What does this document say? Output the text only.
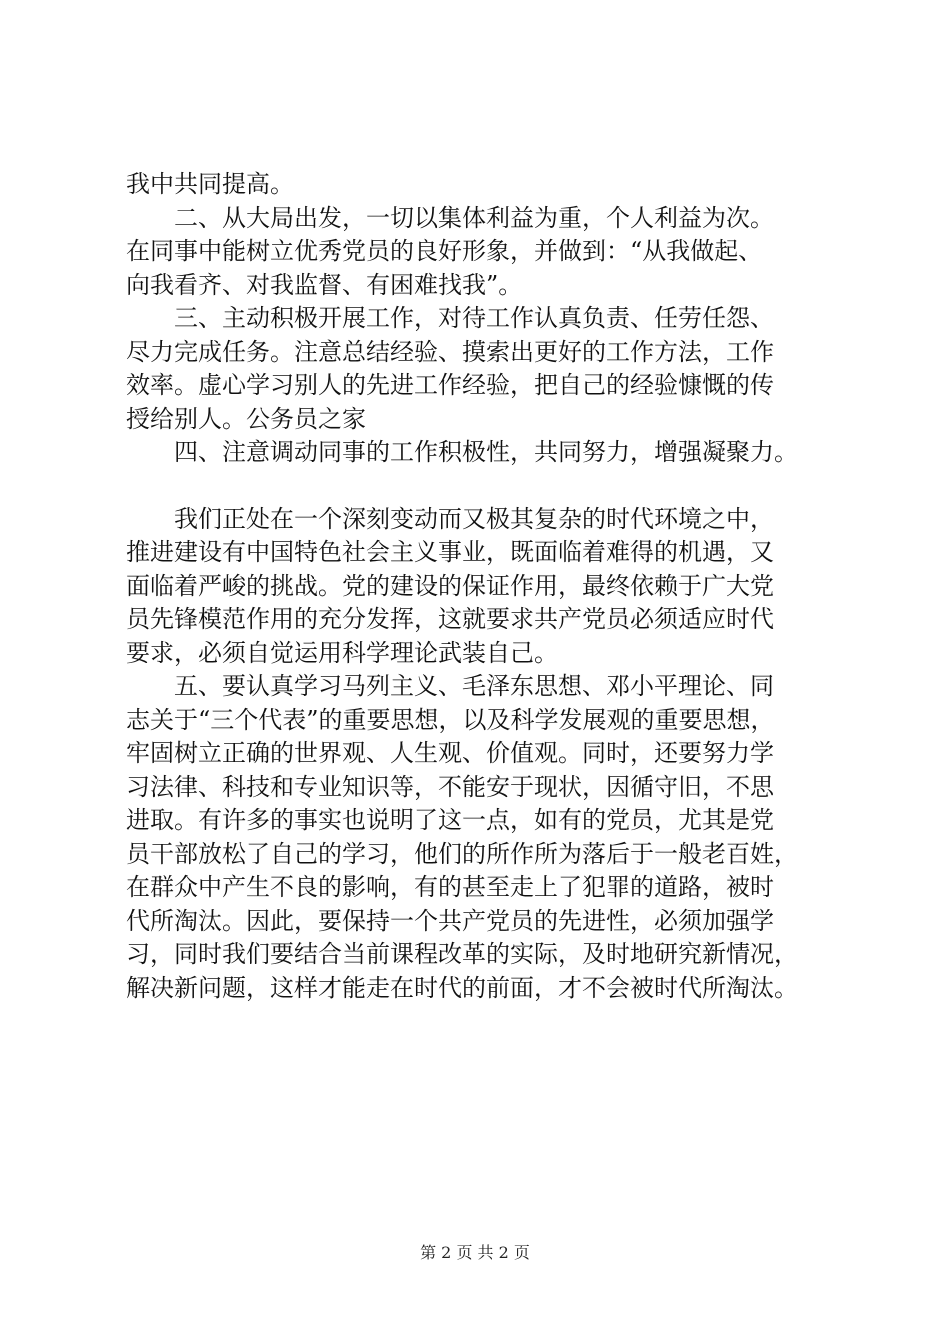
我中共同提高。
　　二、从大局出发，一切以集体利益为重，个人利益为次。
在同事中能树立优秀党员的良好形象，并做到：“从我做起、
向我看齐、对我监督、有困难找我”。
　　三、主动积极开展工作，对待工作认真负责、任劳任怨、
尽力完成任务。注意总结经验、摸索出更好的工作方法，工作
效率。虚心学习别人的先进工作经验，把自己的经验慷慨的传
授给别人。公务员之家
　　四、注意调动同事的工作积极性，共同努力，增强凝聚力。
　　我们正处在一个深刻变动而又极其复杂的时代环境之中，
推进建设有中国特色社会主义事业，既面临着难得的机遇，又
面临着严峻的挑战。党的建设的保证作用，最终依赖于广大党
员先锋模范作用的充分发挥，这就要求共产党员必须适应时代
要求，必须自觉运用科学理论武装自己。
　　五、要认真学习马列主义、毛泽东思想、邓小平理论、同
志关于“三个代表”的重要思想，以及科学发展观的重要思想，
牢固树立正确的世界观、人生观、价值观。同时，还要努力学
习法律、科技和专业知识等，不能安于现状，因循守旧，不思
进取。有许多的事实也说明了这一点，如有的党员，尤其是党
员干部放松了自己的学习，他们的所作所为落后于一般老百姓，
在群众中产生不良的影响，有的甚至走上了犯罪的道路，被时
代所淘汰。因此，要保持一个共产党员的先进性，必须加强学
习，同时我们要结合当前课程改革的实际，及时地研究新情况，
解决新问题，这样才能走在时代的前面，才不会被时代所淘汰。
第 2 页 共 2 页
